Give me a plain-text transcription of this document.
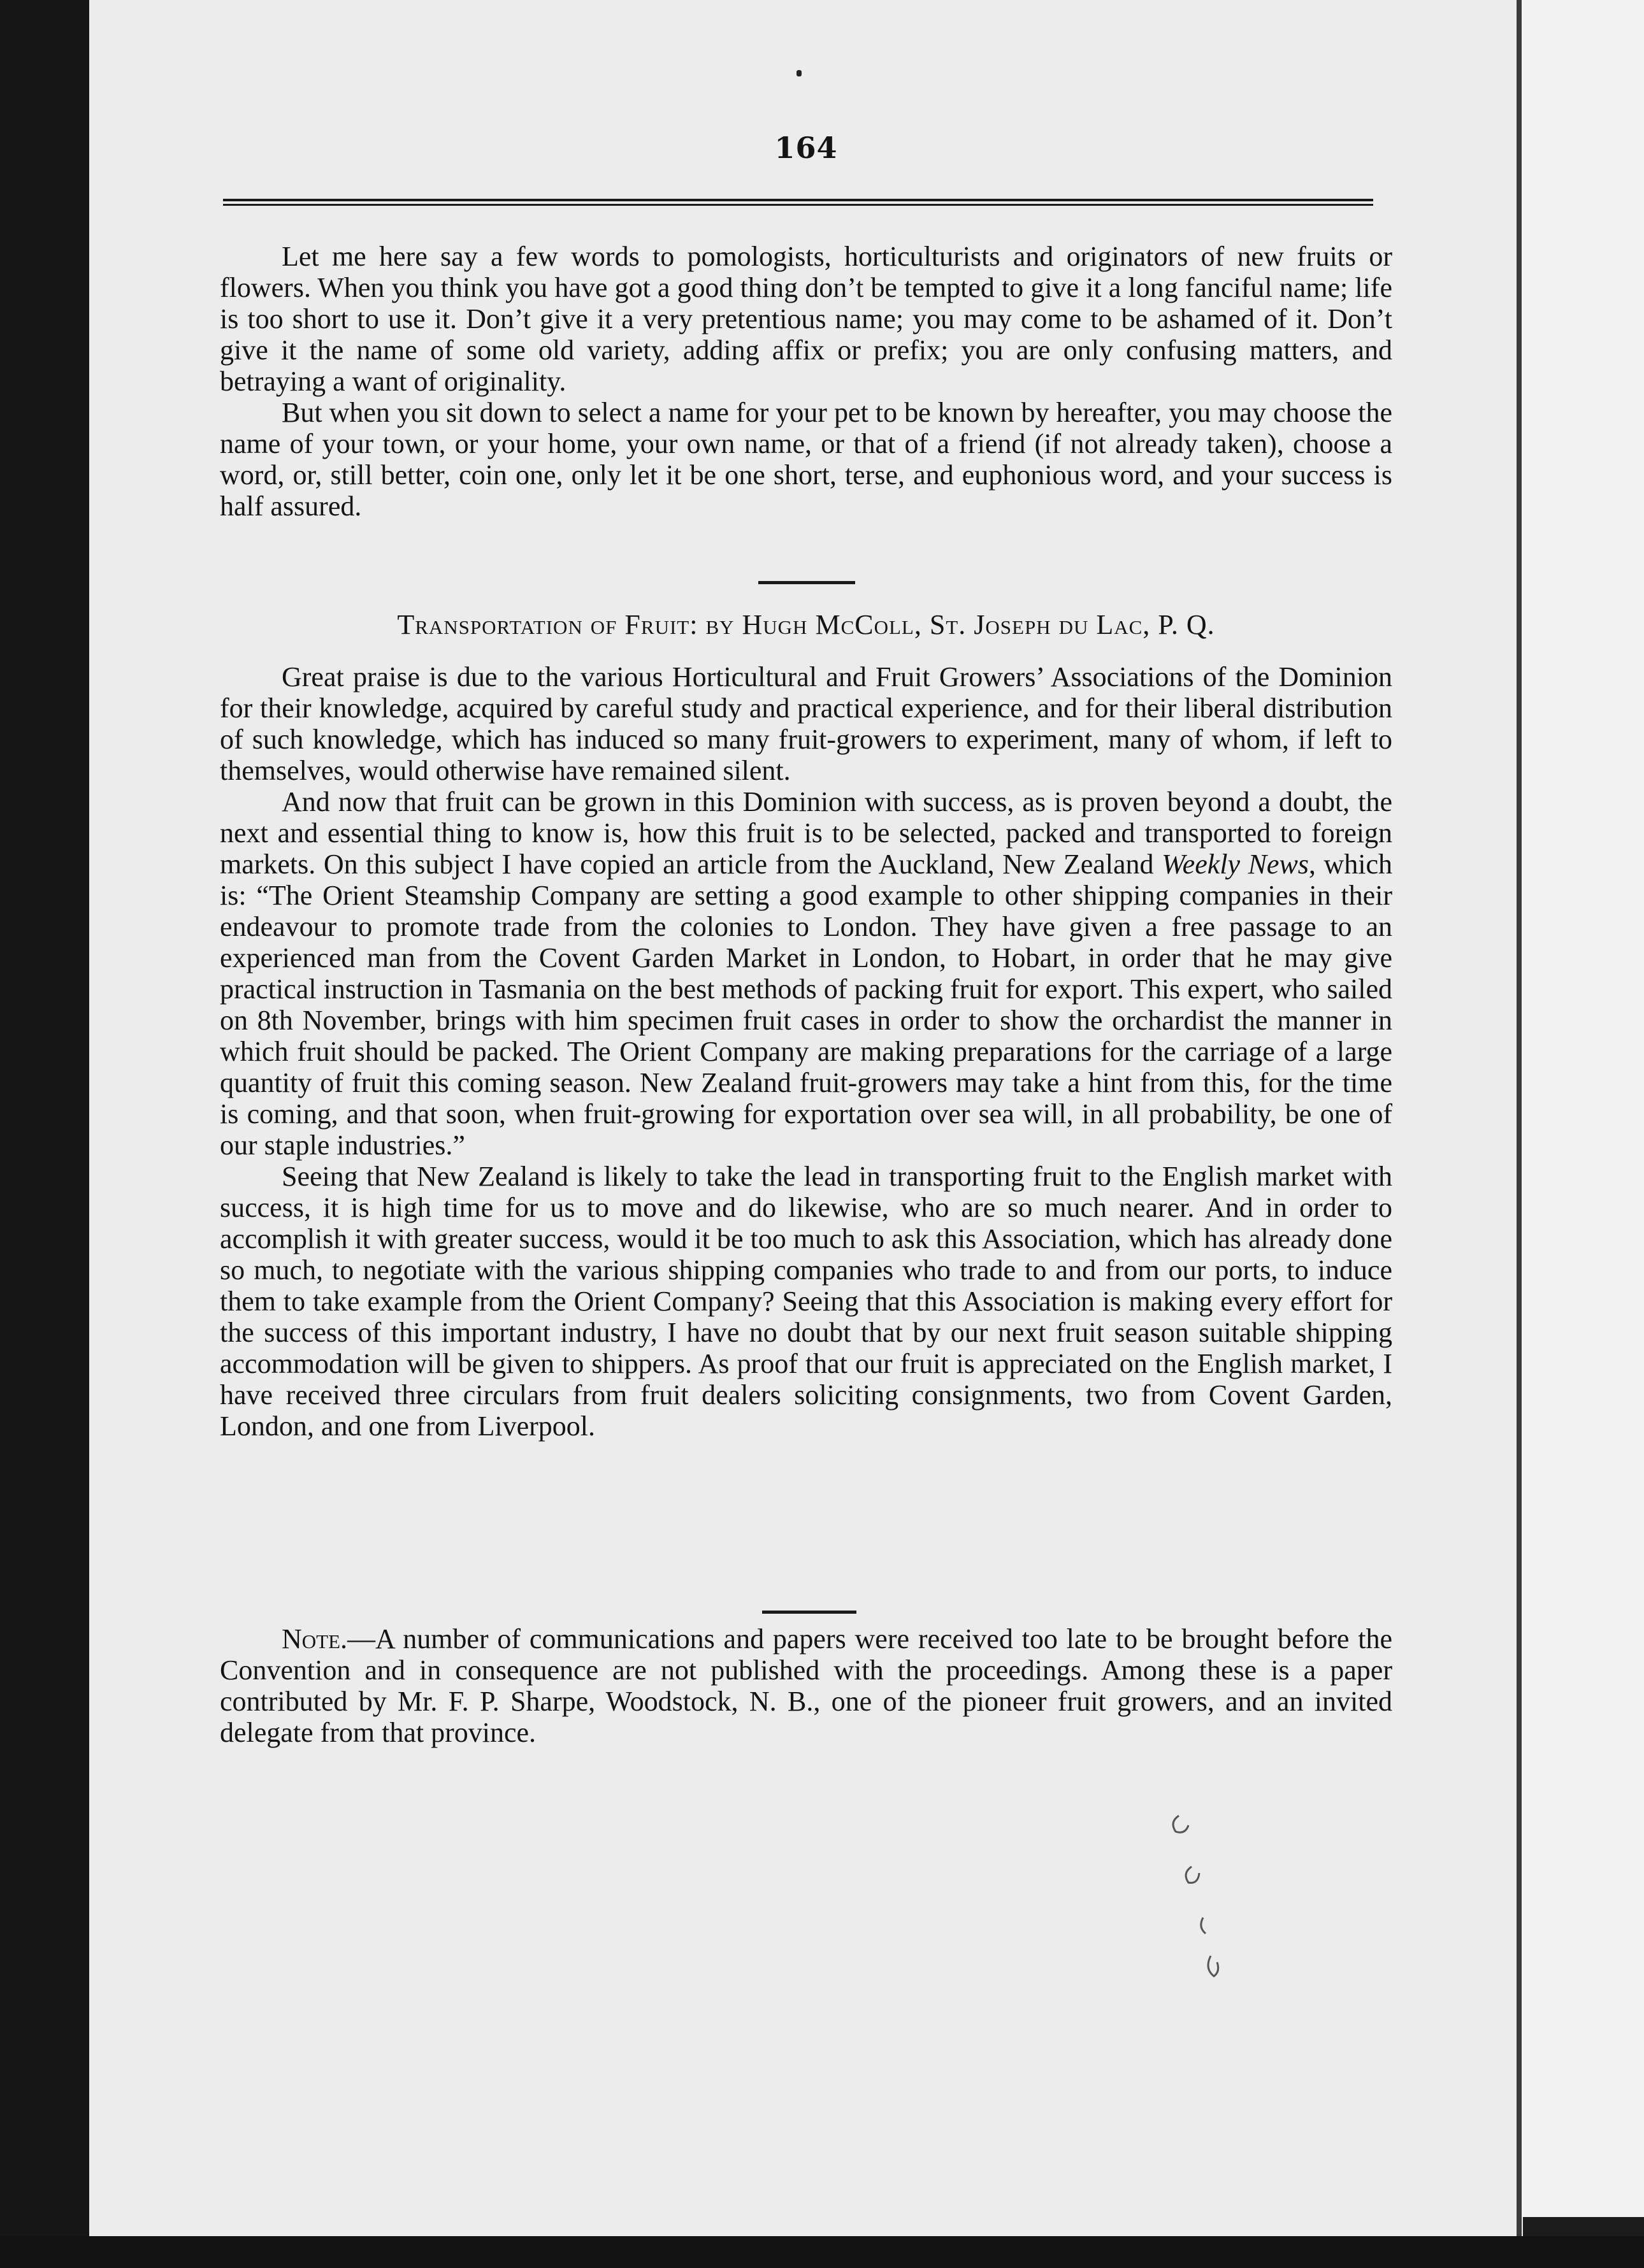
164

Let me here say a few words to pomologists, horticulturists and originators of new fruits or flowers. When you think you have got a good thing don’t be tempted to give it a long fanciful name; life is too short to use it. Don’t give it a very pretentious name; you may come to be ashamed of it. Don’t give it the name of some old variety, adding affix or prefix; you are only confusing matters, and betraying a want of originality.

But when you sit down to select a name for your pet to be known by hereafter, you may choose the name of your town, or your home, your own name, or that of a friend (if not already taken), choose a word, or, still better, coin one, only let it be one short, terse, and euphonious word, and your success is half assured.

Transportation of Fruit: by Hugh McColl, St. Joseph du Lac, P. Q.

Great praise is due to the various Horticultural and Fruit Growers’ Associations of the Dominion for their knowledge, acquired by careful study and practical experience, and for their liberal distribution of such knowledge, which has induced so many fruit-growers to experiment, many of whom, if left to themselves, would otherwise have remained silent.

And now that fruit can be grown in this Dominion with success, as is proven beyond a doubt, the next and essential thing to know is, how this fruit is to be selected, packed and transported to foreign markets. On this subject I have copied an article from the Auckland, New Zealand Weekly News, which is: “The Orient Steamship Company are setting a good example to other shipping companies in their endeavour to promote trade from the colonies to London. They have given a free passage to an experienced man from the Covent Garden Market in London, to Hobart, in order that he may give practical instruction in Tasmania on the best methods of packing fruit for export. This expert, who sailed on 8th November, brings with him specimen fruit cases in order to show the orchardist the manner in which fruit should be packed. The Orient Company are making preparations for the carriage of a large quantity of fruit this coming season. New Zealand fruit-growers may take a hint from this, for the time is coming, and that soon, when fruit-growing for exportation over sea will, in all probability, be one of our staple industries.”

Seeing that New Zealand is likely to take the lead in transporting fruit to the English market with success, it is high time for us to move and do likewise, who are so much nearer. And in order to accomplish it with greater success, would it be too much to ask this Association, which has already done so much, to negotiate with the various shipping companies who trade to and from our ports, to induce them to take example from the Orient Company? Seeing that this Association is making every effort for the success of this important industry, I have no doubt that by our next fruit season suitable shipping accommodation will be given to shippers. As proof that our fruit is appreciated on the English market, I have received three circulars from fruit dealers soliciting consignments, two from Covent Garden, London, and one from Liverpool.

Note.—A number of communications and papers were received too late to be brought before the Convention and in consequence are not published with the proceedings. Among these is a paper contributed by Mr. F. P. Sharpe, Woodstock, N. B., one of the pioneer fruit growers, and an invited delegate from that province.
